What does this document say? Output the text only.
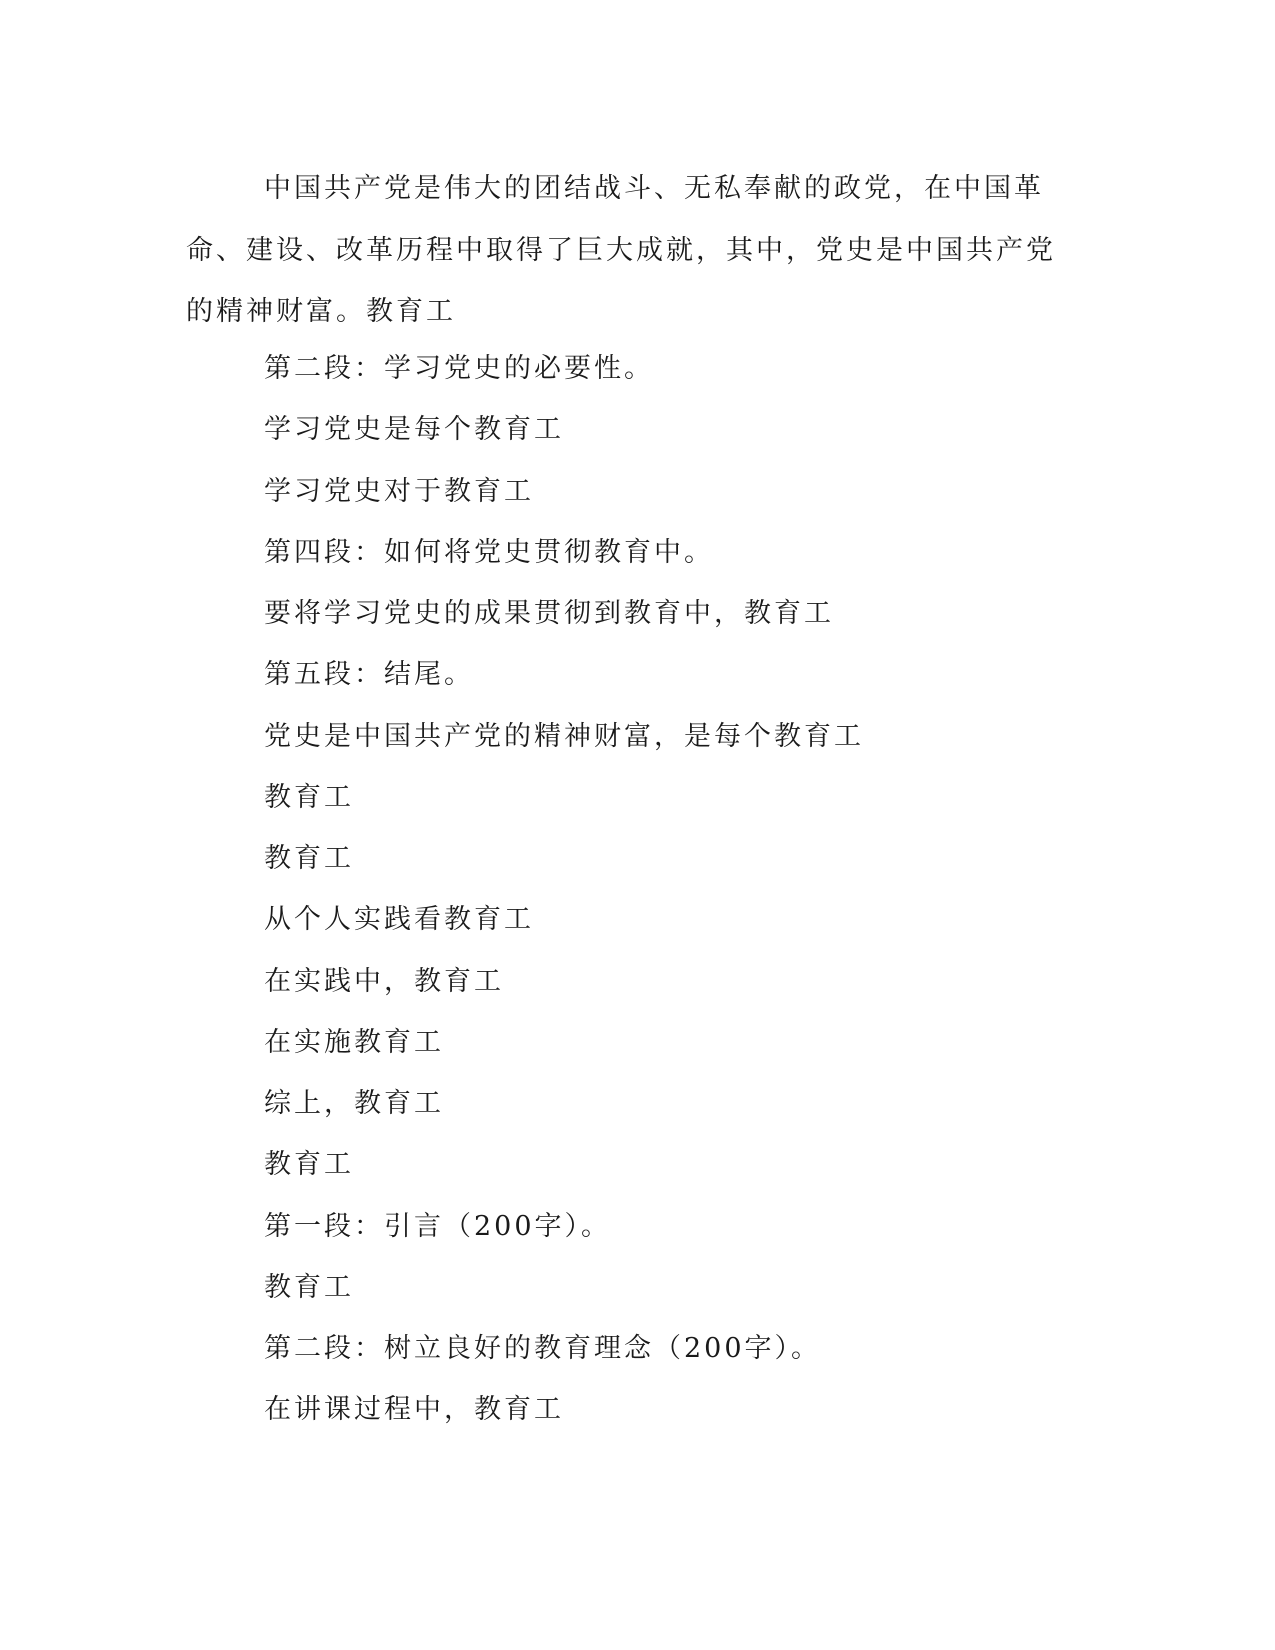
中国共产党是伟大的团结战斗、无私奉献的政党，在中国革命、建设、改革历程中取得了巨大成就，其中，党史是中国共产党的精神财富。教育工

第二段：学习党史的必要性。

学习党史是每个教育工

学习党史对于教育工

第四段：如何将党史贯彻教育中。

要将学习党史的成果贯彻到教育中，教育工

第五段：结尾。

党史是中国共产党的精神财富，是每个教育工

教育工

教育工

从个人实践看教育工

在实践中，教育工

在实施教育工

综上，教育工

教育工

第一段：引言（200字）。

教育工

第二段：树立良好的教育理念（200字）。

在讲课过程中，教育工
